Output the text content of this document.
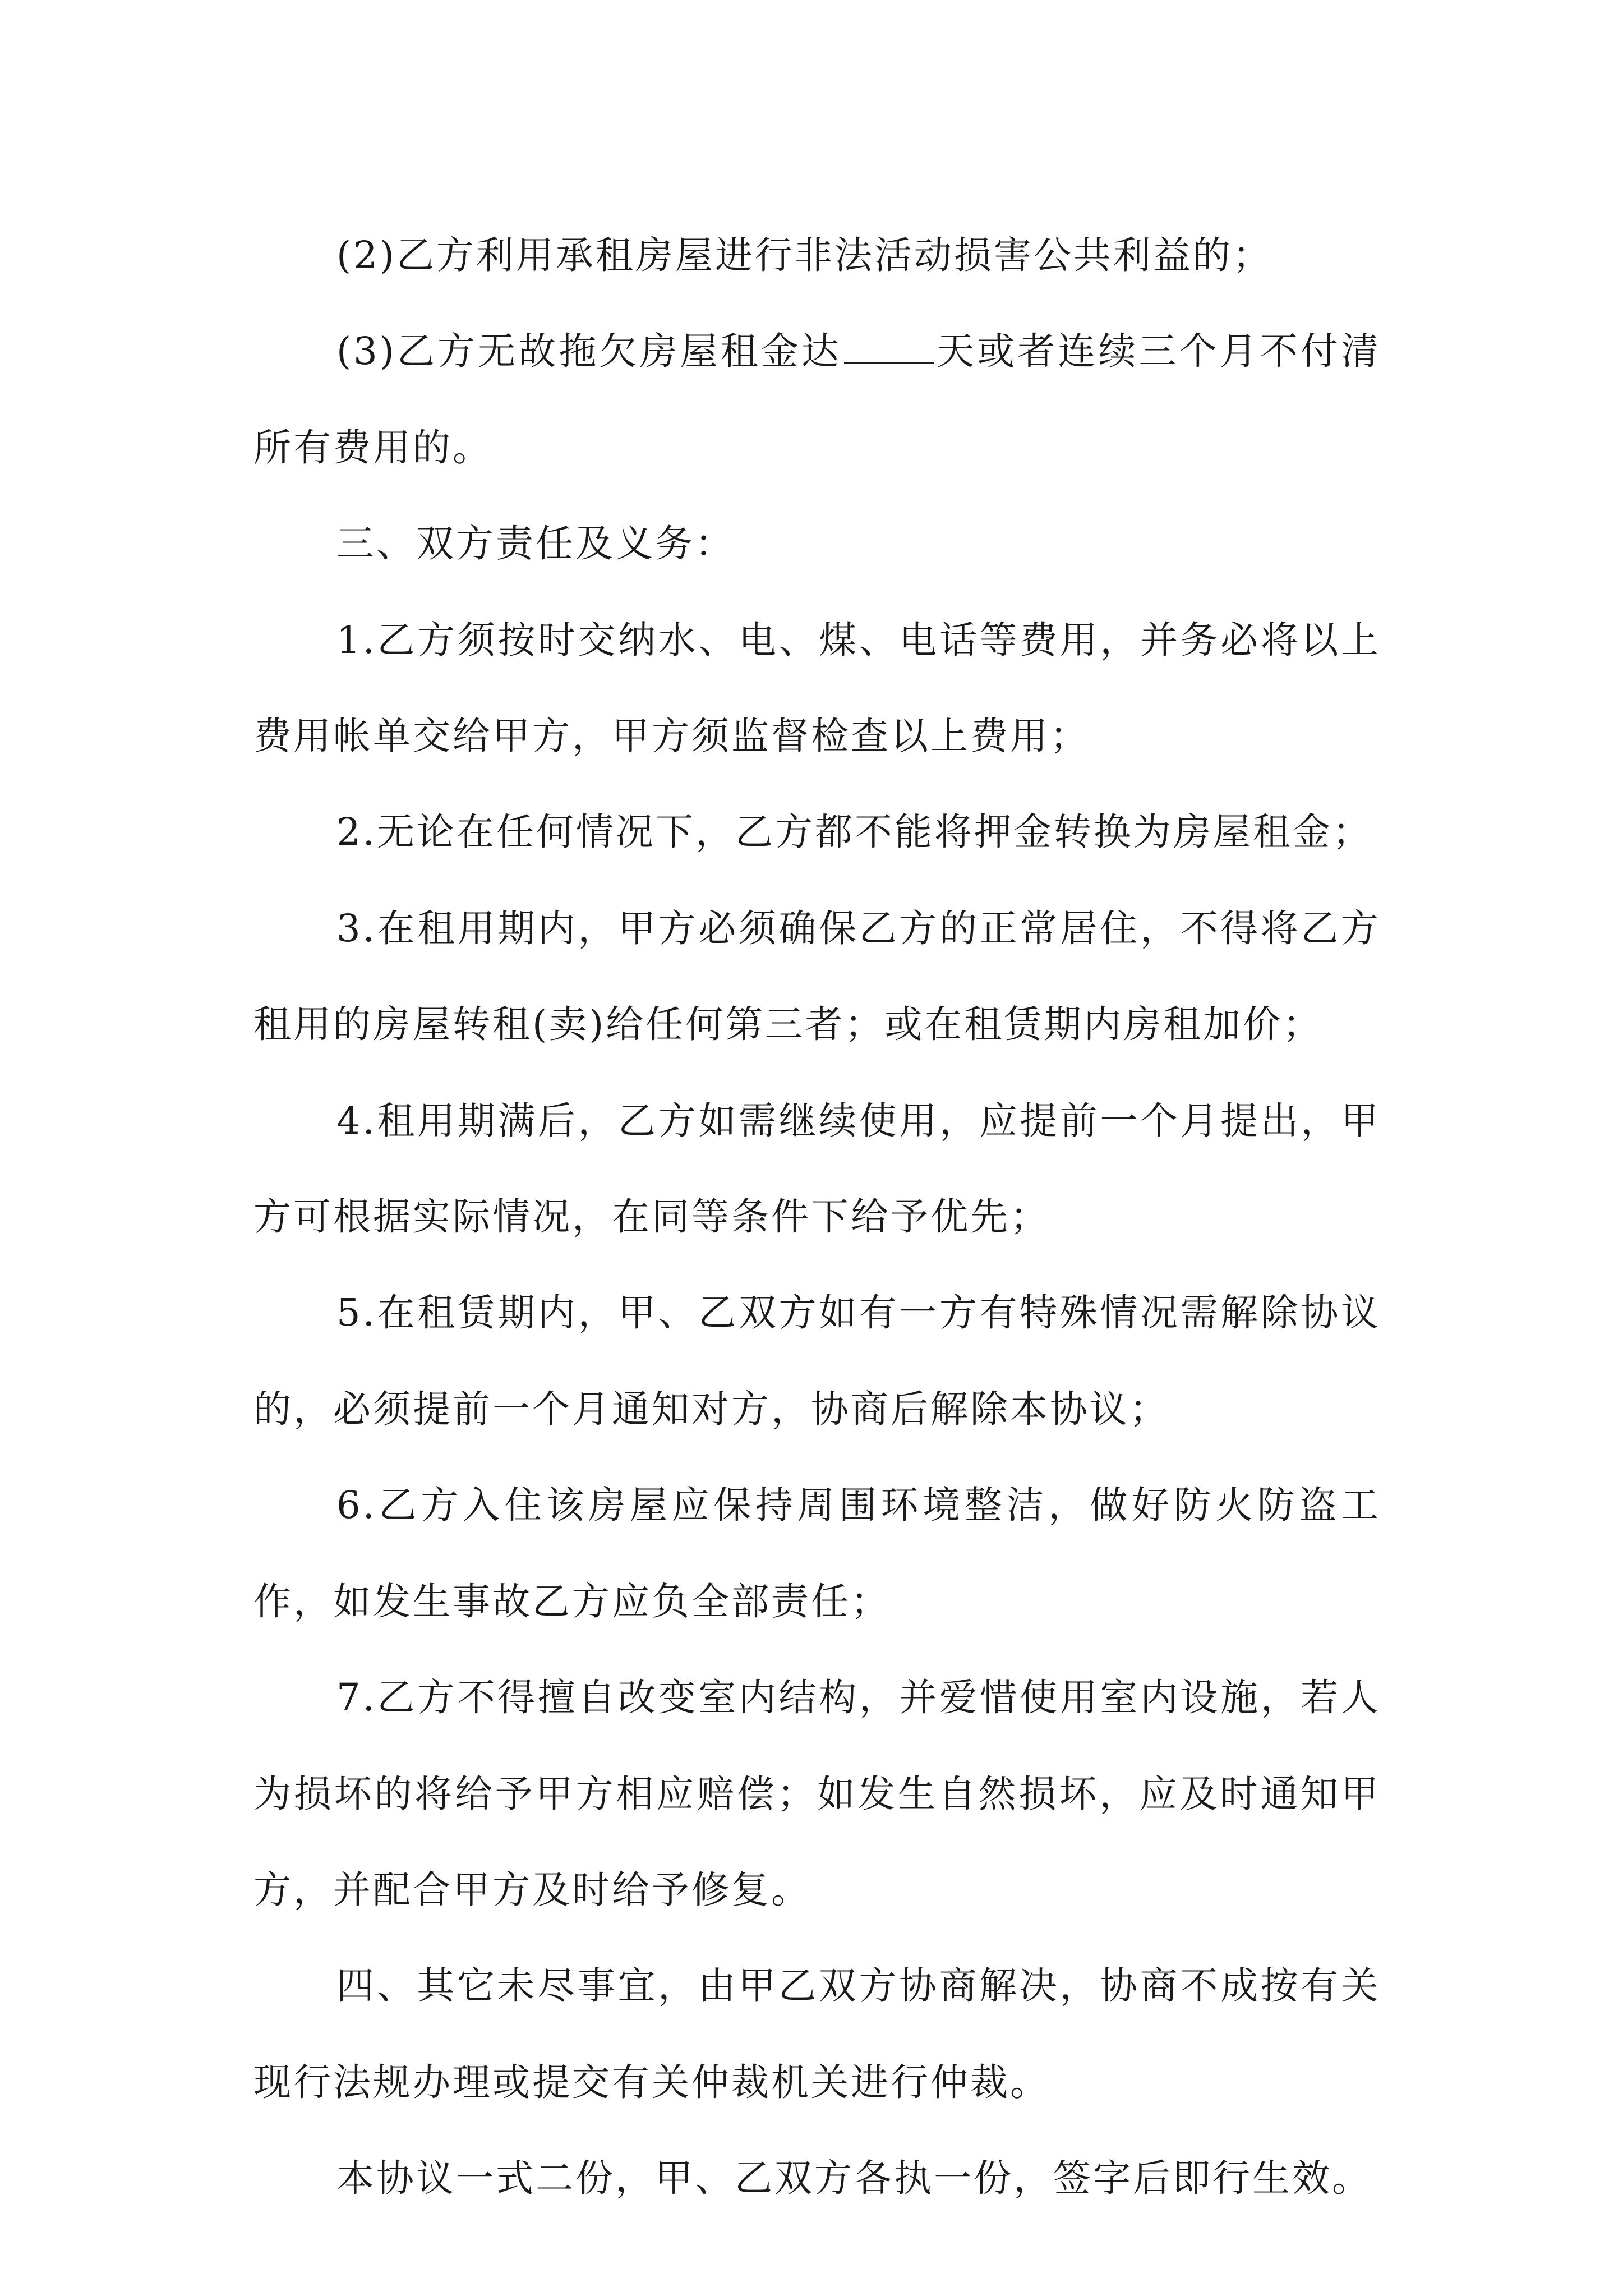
(2)乙方利用承租房屋进行非法活动损害公共利益的；

(3)乙方无故拖欠房屋租金达	天或者连续三个月不付清所有费用的。

三、双方责任及义务：

1.乙方须按时交纳水、电、煤、电话等费用，并务必将以上费用帐单交给甲方，甲方须监督检查以上费用；

2.无论在任何情况下，乙方都不能将押金转换为房屋租金；

3.在租用期内，甲方必须确保乙方的正常居住，不得将乙方租用的房屋转租(卖)给任何第三者；或在租赁期内房租加价；

4.租用期满后，乙方如需继续使用，应提前一个月提出，甲方可根据实际情况，在同等条件下给予优先；

5.在租赁期内，甲、乙双方如有一方有特殊情况需解除协议的，必须提前一个月通知对方，协商后解除本协议；

6.乙方入住该房屋应保持周围环境整洁，做好防火防盗工作，如发生事故乙方应负全部责任；

7.乙方不得擅自改变室内结构，并爱惜使用室内设施，若人为损坏的将给予甲方相应赔偿；如发生自然损坏，应及时通知甲方，并配合甲方及时给予修复。

四、其它未尽事宜，由甲乙双方协商解决，协商不成按有关现行法规办理或提交有关仲裁机关进行仲裁。

本协议一式二份，甲、乙双方各执一份，签字后即行生效。
